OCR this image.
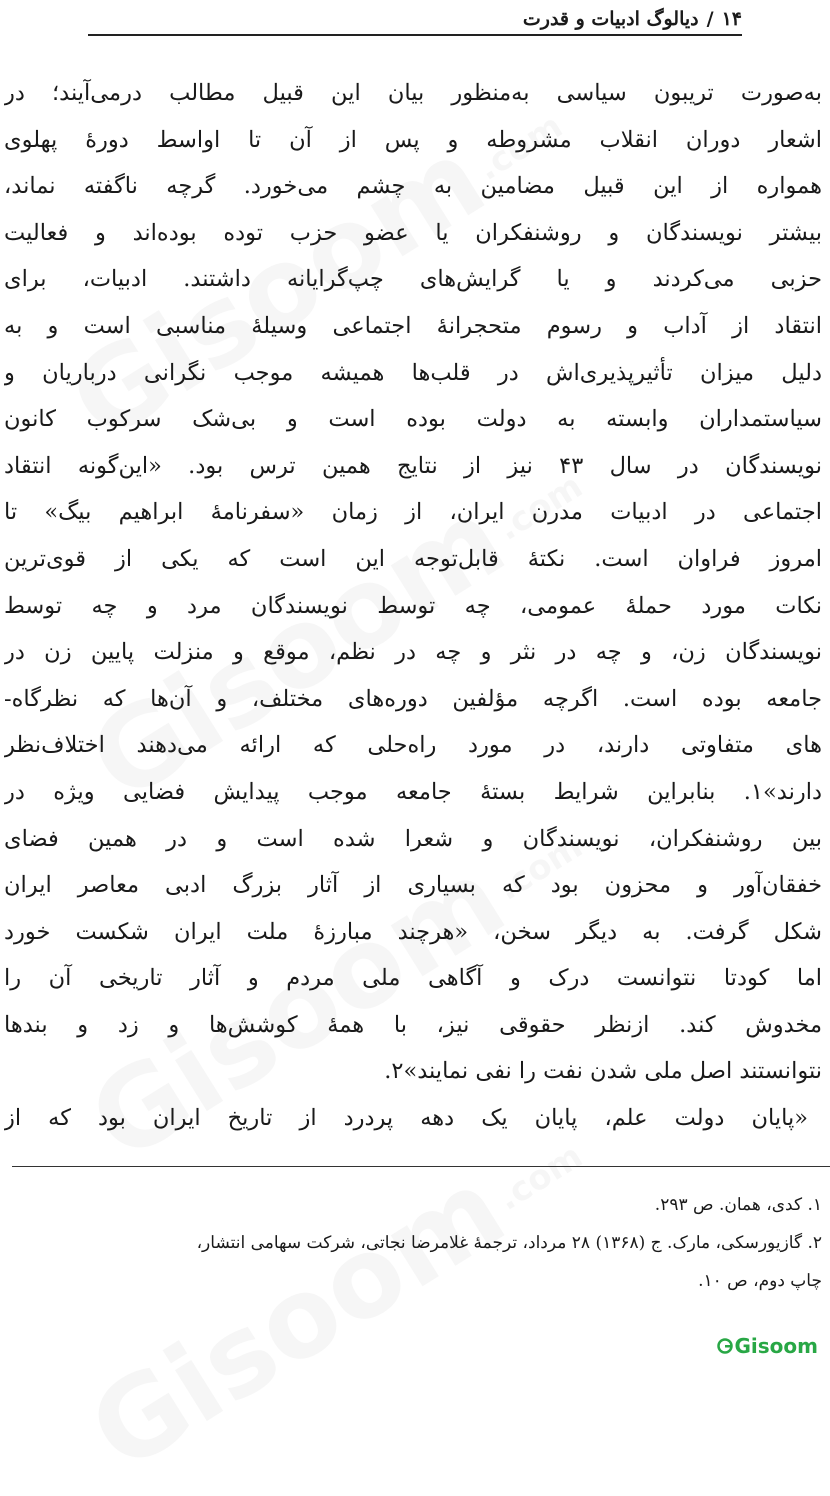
۱۴
/
دیالوگ ادبیات و قدرت
به‌صورت تریبون سیاسی به‌منظور بیان این قبیل مطالب درمی‌آیند؛ در
اشعار دوران انقلاب مشروطه و پس از آن تا اواسط دورهٔ پهلوی
همواره از این قبیل مضامین به چشم می‌خورد. گرچه ناگفته نماند،
بیشتر نویسندگان و روشنفکران یا عضو حزب توده بوده‌اند و فعالیت
حزبی می‌کردند و یا گرایش‌های چپ‌گرایانه داشتند. ادبیات، برای
انتقاد از آداب و رسوم متحجرانهٔ اجتماعی وسیلهٔ مناسبی است و به
دلیل میزان تأثیرپذیری‌اش در قلب‌ها همیشه موجب نگرانی درباریان و
سیاستمداران وابسته به دولت بوده است و بی‌شک سرکوب کانون
نویسندگان در سال ۴۳ نیز از نتایج همین ترس بود. «این‌گونه انتقاد
اجتماعی در ادبیات مدرن ایران، از زمان «سفرنامهٔ ابراهیم بیگ» تا
امروز فراوان است. نکتهٔ قابل‌توجه این است که یکی از قوی‌ترین
نکات مورد حملهٔ عمومی، چه توسط نویسندگان مرد و چه توسط
نویسندگان زن، و چه در نثر و چه در نظم، موقع و منزلت پایین زن در
جامعه بوده است. اگرچه مؤلفین دوره‌های مختلف، و آن‌ها که نظرگاه-
های متفاوتی دارند، در مورد راه‌حلی که ارائه می‌دهند اختلاف‌نظر
دارند»۱. بنابراین شرایط بستهٔ جامعه موجب پیدایش فضایی ویژه در
بین روشنفکران، نویسندگان و شعرا شده است و در همین فضای
خفقان‌آور و محزون بود که بسیاری از آثار بزرگ ادبی معاصر ایران
شکل گرفت. به دیگر سخن، «هرچند مبارزهٔ ملت ایران شکست خورد
اما کودتا نتوانست درک و آگاهی ملی مردم و آثار تاریخی آن را
مخدوش کند. ازنظر حقوقی نیز، با همهٔ کوشش‌ها و زد و بندها
نتوانستند اصل ملی شدن نفت را نفی نمایند»۲.
«پایان دولت علم، پایان یک دهه پردرد از تاریخ ایران بود که از
۱. کدی، همان. ص ۲۹۳.
۲. گازیورسکی، مارک. ج (۱۳۶۸) ۲۸ مرداد، ترجمهٔ غلامرضا نجاتی، شرکت سهامی انتشار،
چاپ دوم، ص ۱۰.
Gisoom
